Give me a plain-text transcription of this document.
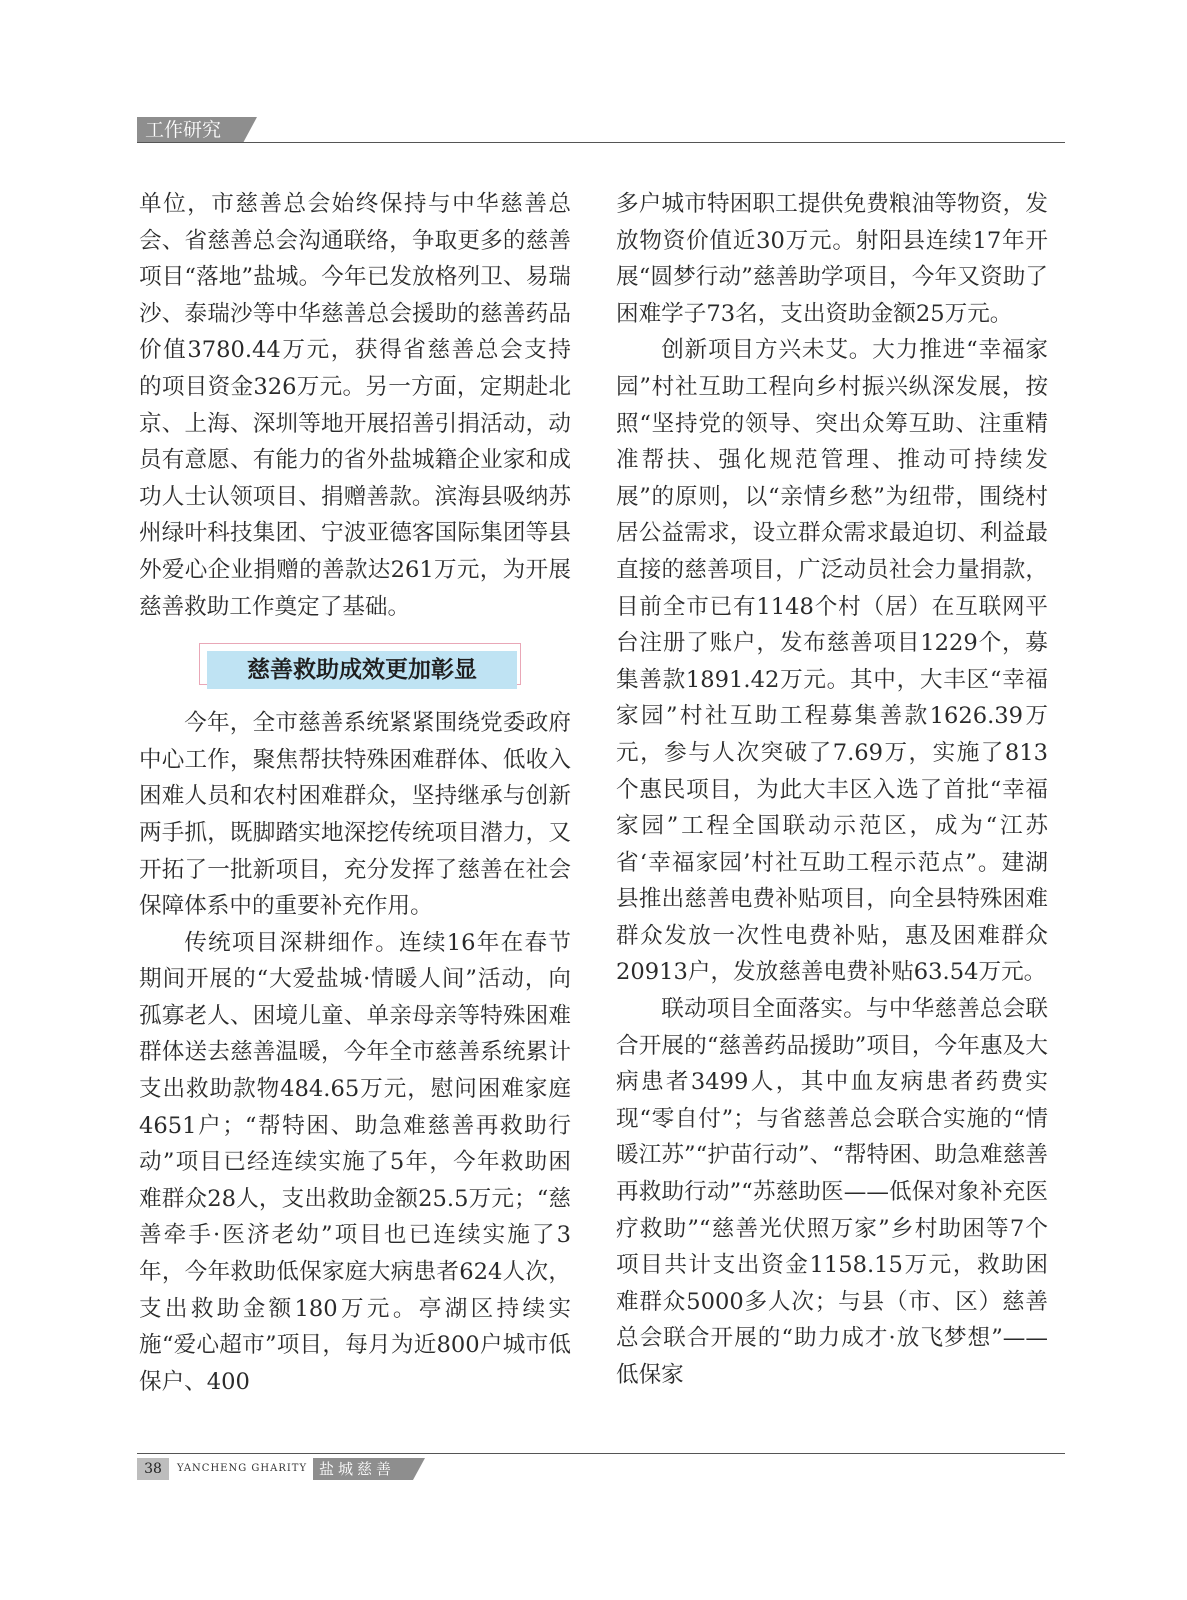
工作研究

单位，市慈善总会始终保持与中华慈善总会、省慈善总会沟通联络，争取更多的慈善项目“落地”盐城。今年已发放格列卫、易瑞沙、泰瑞沙等中华慈善总会援助的慈善药品价值3780.44万元，获得省慈善总会支持的项目资金326万元。另一方面，定期赴北京、上海、深圳等地开展招善引捐活动，动员有意愿、有能力的省外盐城籍企业家和成功人士认领项目、捐赠善款。滨海县吸纳苏州绿叶科技集团、宁波亚德客国际集团等县外爱心企业捐赠的善款达261万元，为开展慈善救助工作奠定了基础。

慈善救助成效更加彰显

今年，全市慈善系统紧紧围绕党委政府中心工作，聚焦帮扶特殊困难群体、低收入困难人员和农村困难群众，坚持继承与创新两手抓，既脚踏实地深挖传统项目潜力，又开拓了一批新项目，充分发挥了慈善在社会保障体系中的重要补充作用。

传统项目深耕细作。连续16年在春节期间开展的“大爱盐城·情暖人间”活动，向孤寡老人、困境儿童、单亲母亲等特殊困难群体送去慈善温暖，今年全市慈善系统累计支出救助款物484.65万元，慰问困难家庭4651户；“帮特困、助急难慈善再救助行动”项目已经连续实施了5年，今年救助困难群众28人，支出救助金额25.5万元；“慈善牵手·医济老幼”项目也已连续实施了3年，今年救助低保家庭大病患者624人次，支出救助金额180万元。亭湖区持续实施“爱心超市”项目，每月为近800户城市低保户、400

多户城市特困职工提供免费粮油等物资，发放物资价值近30万元。射阳县连续17年开展“圆梦行动”慈善助学项目，今年又资助了困难学子73名，支出资助金额25万元。

创新项目方兴未艾。大力推进“幸福家园”村社互助工程向乡村振兴纵深发展，按照“坚持党的领导、突出众筹互助、注重精准帮扶、强化规范管理、推动可持续发展”的原则，以“亲情乡愁”为纽带，围绕村居公益需求，设立群众需求最迫切、利益最直接的慈善项目，广泛动员社会力量捐款，目前全市已有1148个村（居）在互联网平台注册了账户，发布慈善项目1229个，募集善款1891.42万元。其中，大丰区“幸福家园”村社互助工程募集善款1626.39万元，参与人次突破了7.69万，实施了813个惠民项目，为此大丰区入选了首批“幸福家园”工程全国联动示范区，成为“江苏省‘幸福家园’村社互助工程示范点”。建湖县推出慈善电费补贴项目，向全县特殊困难群众发放一次性电费补贴，惠及困难群众20913户，发放慈善电费补贴63.54万元。

联动项目全面落实。与中华慈善总会联合开展的“慈善药品援助”项目，今年惠及大病患者3499人，其中血友病患者药费实现“零自付”；与省慈善总会联合实施的“情暖江苏”“护苗行动”、“帮特困、助急难慈善再救助行动”“苏慈助医——低保对象补充医疗救助”“慈善光伏照万家”乡村助困等7个项目共计支出资金1158.15万元，救助困难群众5000多人次；与县（市、区）慈善总会联合开展的“助力成才·放飞梦想”——低保家

38	YANCHENG GHARITY 盐城慈善
